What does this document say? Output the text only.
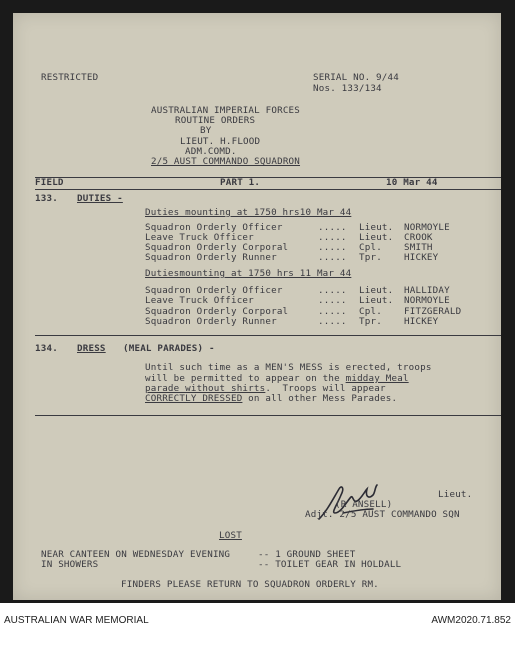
RESTRICTED	SERIAL NO. 9/44
Nos. 133/134
AUSTRALIAN IMPERIAL FORCES
ROUTINE ORDERS
BY
LIEUT. H.FLOOD
ADM.COMD.
2/5 AUST COMMANDO SQUADRON
FIELD	PART 1.	10 Mar 44
133. DUTIES -
Duties mounting at 1750 hrs10 Mar 44
Squadron Orderly Officer	..... Lieut. NORMOYLE
Leave Truck Officer	..... Lieut. CROOK
Squadron Orderly Corporal	..... Cpl. SMITH
Squadron Orderly Runner	..... Tpr. HICKEY
Dutiesmounting at 1750 hrs 11 Mar 44
Squadron Orderly Officer	..... Lieut. HALLIDAY
Leave Truck Officer	..... Lieut. NORMOYLE
Squadron Orderly Corporal	..... Cpl. FITZGERALD
Squadron Orderly Runner	..... Tpr. HICKEY
134. DRESS (MEAL PARADES) -
Until such time as a MEN'S MESS is erected, troops
will be permitted to appear on the midday Meal
parade without shirts.  Troops will appear
CORRECTLY DRESSED on all other Mess Parades.
Lieut.
(R ANSELL)
Adjt. 2/5 AUST COMMANDO SQN
LOST
NEAR CANTEEN ON WEDNESDAY EVENING	-- 1 GROUND SHEET
IN SHOWERS	-- TOILET GEAR IN HOLDALL
FINDERS PLEASE RETURN TO SQUADRON ORDERLY RM.
AUSTRALIAN WAR MEMORIAL	AWM2020.71.852
